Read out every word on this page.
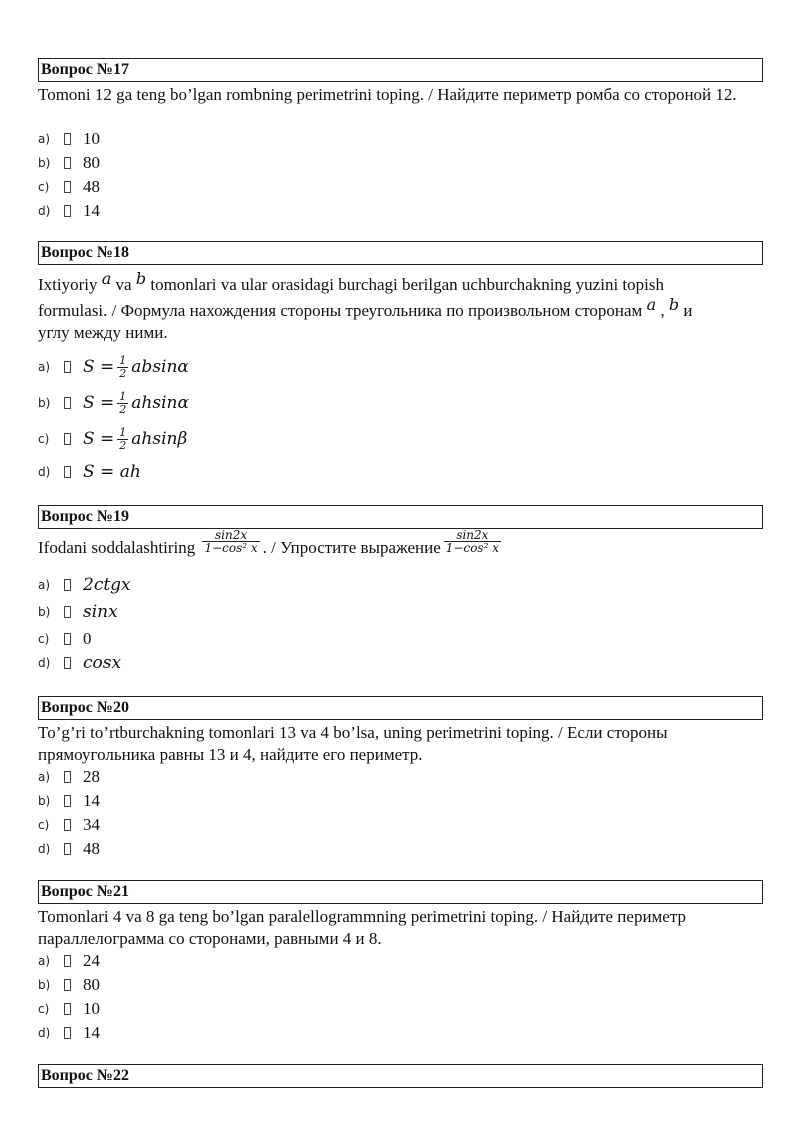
Вопрос №17
Tomoni 12 ga teng bo’lgan rombning perimetrini toping. / Найдите периметр ромба со стороной 12.
a)	10
b)	80
c)	48
d)	14
Вопрос №18
Ixtiyoriy a va b tomonlari va ular orasidagi burchagi berilgan uchburchakning yuzini topish
formulasi. / Формула нахождения стороны треугольника по произвольном сторонам a , b и
углу между ними.
a)	$S = \frac{1}{2}$ absinα
b)	$S = \frac{1}{2}$ ahsinα
c)	$S = \frac{1}{2}$ ahsinβ
d)	S = ah
Вопрос №19
Ifodani soddalashtiring $\frac{\sin 2x}{\text{1−cos² x}}$ . / Упростите выражение $\frac{\sin 2x}{\text{1−cos² x}}$
a)	2ctgx
b)	sinx
c)	0
d)	cosx
Вопрос №20
To’g’ri to’rtburchakning tomonlari 13 va 4 bo’lsa, uning perimetrini toping. / Если стороны прямоугольника равны 13 и 4, найдите его периметр.
a)	28
b)	14
c)	34
d)	48
Вопрос №21
Tomonlari 4 va 8 ga teng bo’lgan paralellogrammning perimetrini toping. / Найдите периметр параллелограмма со сторонами, равными 4 и 8.
a)	24
b)	80
c)	10
d)	14
Вопрос №22
